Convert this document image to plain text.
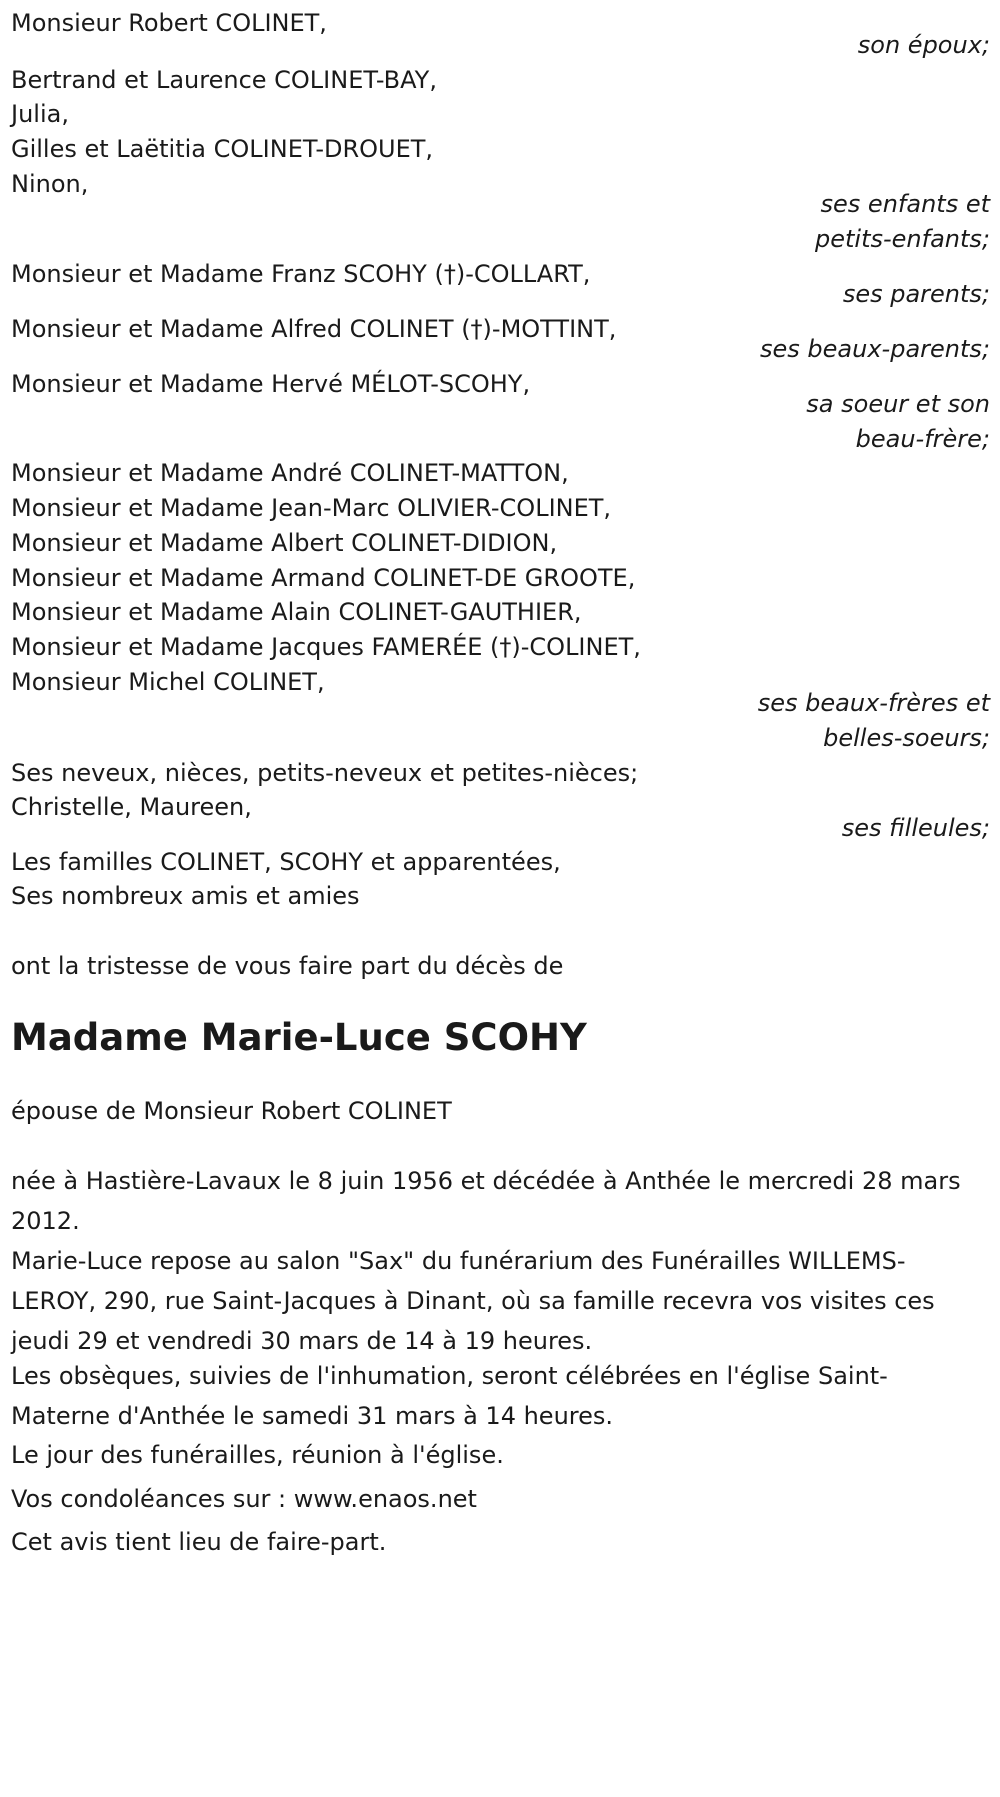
Monsieur Robert COLINET,
son époux;
Bertrand et Laurence COLINET-BAY,
Julia,
Gilles et Laëtitia COLINET-DROUET,
Ninon,
ses enfants et
petits-enfants;
Monsieur et Madame Franz SCOHY (†)-COLLART,
ses parents;
Monsieur et Madame Alfred COLINET (†)-MOTTINT,
ses beaux-parents;
Monsieur et Madame Hervé MÉLOT-SCOHY,
sa soeur et son
beau-frère;
Monsieur et Madame André COLINET-MATTON,
Monsieur et Madame Jean-Marc OLIVIER-COLINET,
Monsieur et Madame Albert COLINET-DIDION,
Monsieur et Madame Armand COLINET-DE GROOTE,
Monsieur et Madame Alain COLINET-GAUTHIER,
Monsieur et Madame Jacques FAMERÉE (†)-COLINET,
Monsieur Michel COLINET,
ses beaux-frères et
belles-soeurs;
Ses neveux, nièces, petits-neveux et petites-nièces;
Christelle, Maureen,
ses filleules;
Les familles COLINET, SCOHY et apparentées,
Ses nombreux amis et amies
ont la tristesse de vous faire part du décès de
Madame Marie-Luce SCOHY
épouse de Monsieur Robert COLINET
née à Hastière-Lavaux le 8 juin 1956 et décédée à Anthée le mercredi 28 mars 2012.
Marie-Luce repose au salon "Sax" du funérarium des Funérailles WILLEMS-LEROY, 290, rue Saint-Jacques à Dinant, où sa famille recevra vos visites ces jeudi 29 et vendredi 30 mars de 14 à 19 heures.
Les obsèques, suivies de l'inhumation, seront célébrées en l'église Saint-Materne d'Anthée le samedi 31 mars à 14 heures.
Le jour des funérailles, réunion à l'église.
Vos condoléances sur : www.enaos.net
Cet avis tient lieu de faire-part.
